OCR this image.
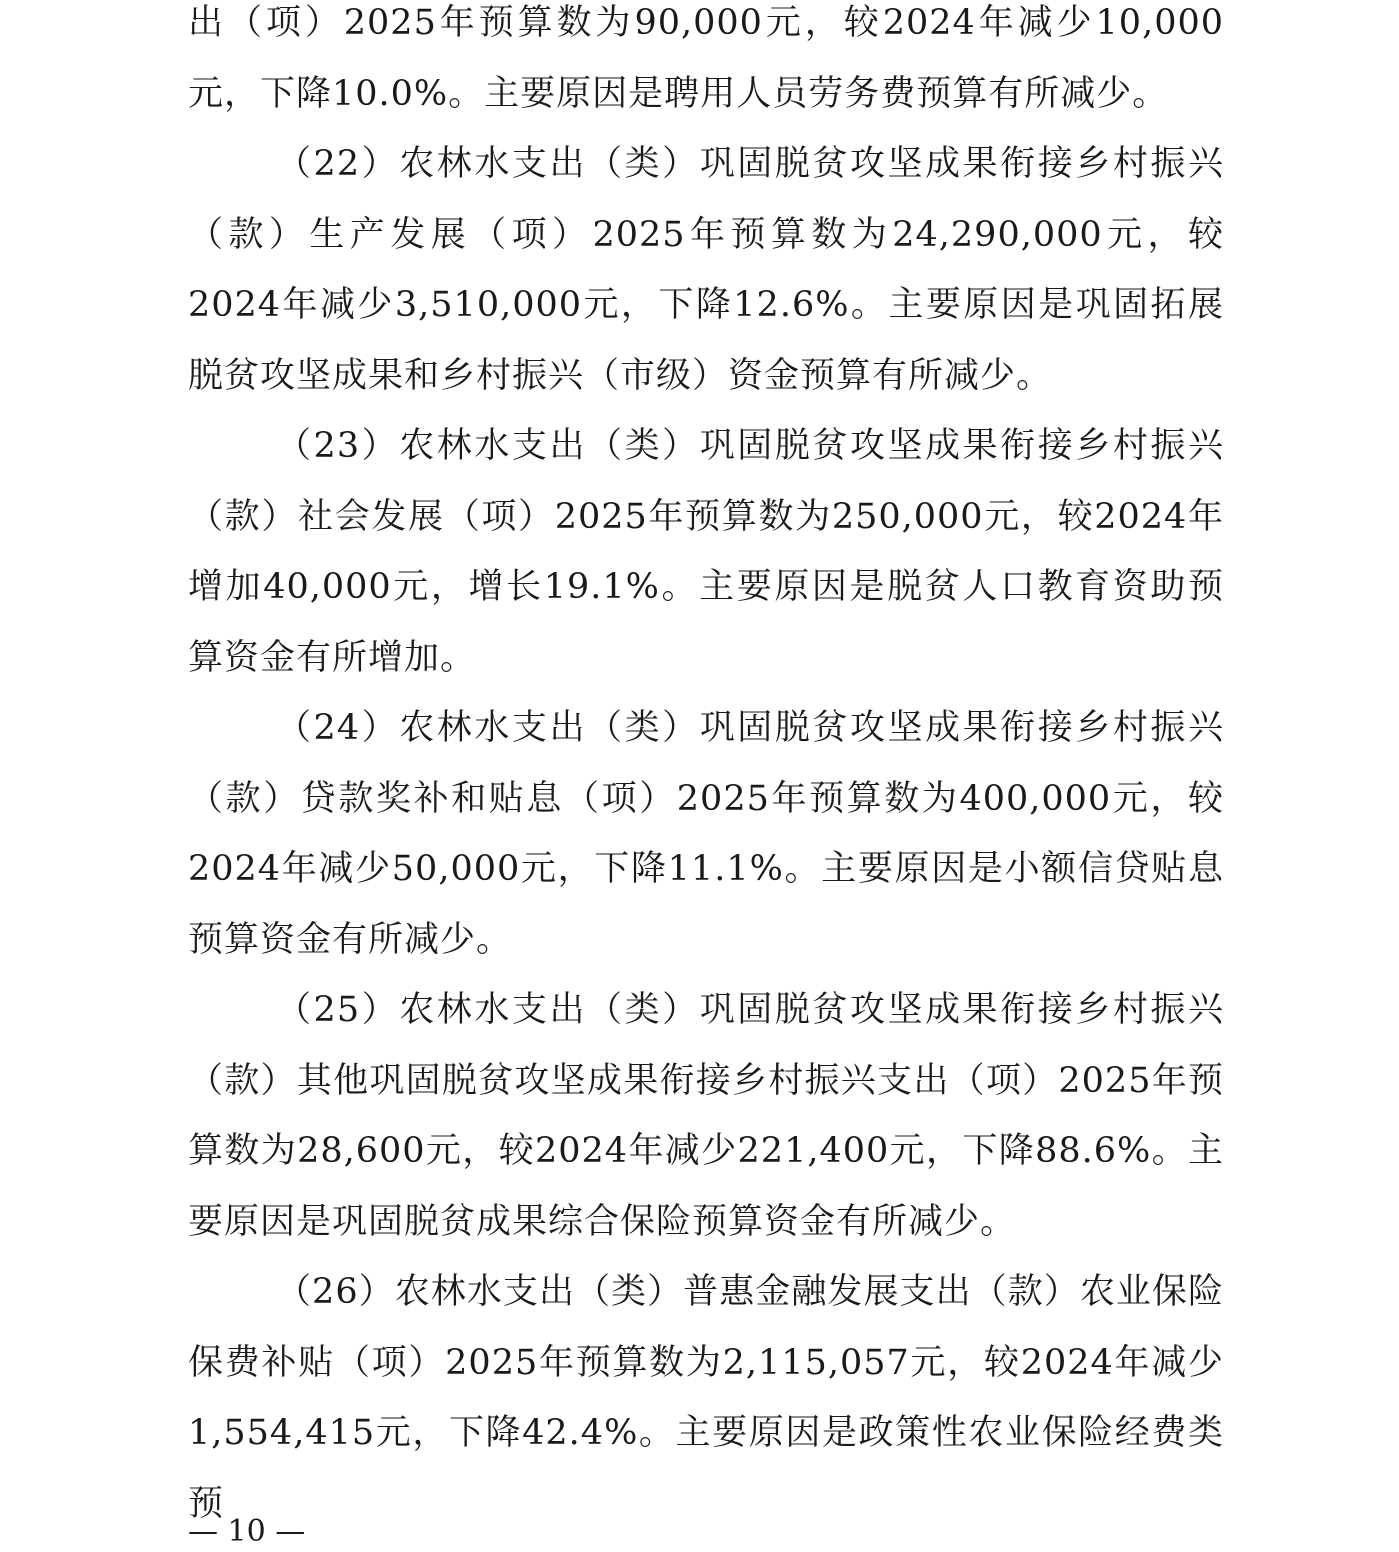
出（项）2025年预算数为90,000元，较2024年减少10,000元，下降10.0%。主要原因是聘用人员劳务费预算有所减少。

（22）农林水支出（类）巩固脱贫攻坚成果衔接乡村振兴（款）生产发展（项）2025年预算数为24,290,000元，较2024年减少3,510,000元，下降12.6%。主要原因是巩固拓展脱贫攻坚成果和乡村振兴（市级）资金预算有所减少。

（23）农林水支出（类）巩固脱贫攻坚成果衔接乡村振兴（款）社会发展（项）2025年预算数为250,000元，较2024年增加40,000元，增长19.1%。主要原因是脱贫人口教育资助预算资金有所增加。

（24）农林水支出（类）巩固脱贫攻坚成果衔接乡村振兴（款）贷款奖补和贴息（项）2025年预算数为400,000元，较2024年减少50,000元，下降11.1%。主要原因是小额信贷贴息预算资金有所减少。

（25）农林水支出（类）巩固脱贫攻坚成果衔接乡村振兴（款）其他巩固脱贫攻坚成果衔接乡村振兴支出（项）2025年预算数为28,600元，较2024年减少221,400元，下降88.6%。主要原因是巩固脱贫成果综合保险预算资金有所减少。

（26）农林水支出（类）普惠金融发展支出（款）农业保险保费补贴（项）2025年预算数为2,115,057元，较2024年减少1,554,415元，下降42.4%。主要原因是政策性农业保险经费类预

— 10 —
